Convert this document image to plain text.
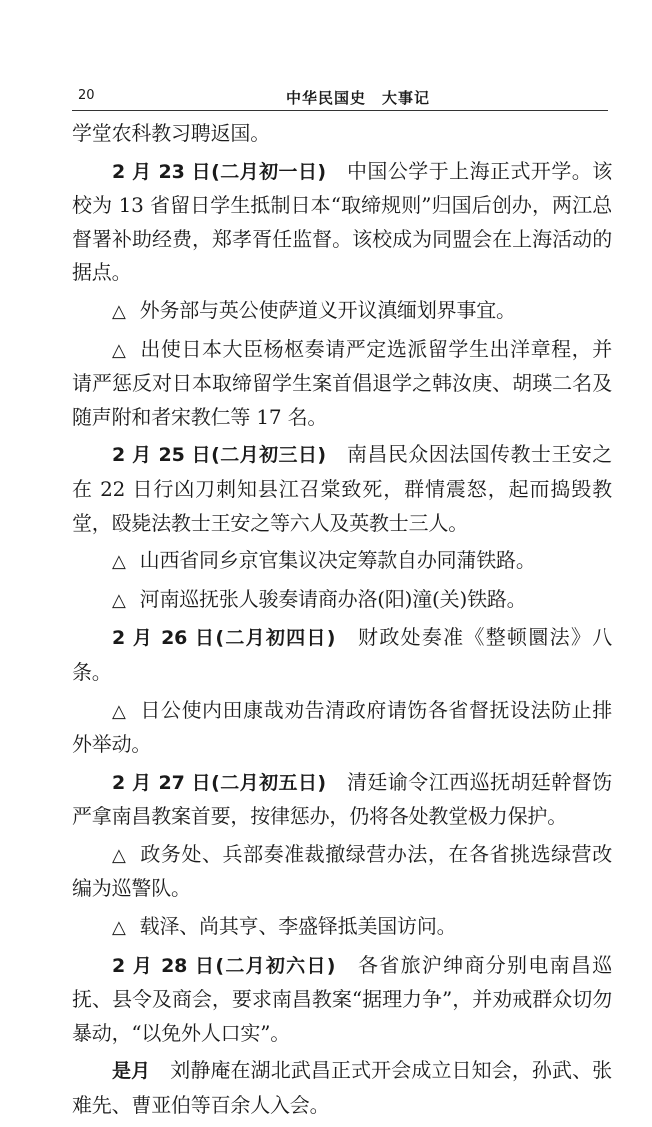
20	中华民国史　大事记

学堂农科教习聘返国。

2 月 23 日(二月初一日)　 中国公学于上海正式开学。该校为 13 省留日学生抵制日本“取缔规则”归国后创办，两江总督署补助经费，郑孝胥任监督。该校成为同盟会在上海活动的据点。

△ 外务部与英公使萨道义开议滇缅划界事宜。

△ 出使日本大臣杨枢奏请严定选派留学生出洋章程，并请严惩反对日本取缔留学生案首倡退学之韩汝庚、胡瑛二名及随声附和者宋教仁等 17 名。

2 月 25 日(二月初三日)　 南昌民众因法国传教士王安之在 22 日行凶刀刺知县江召棠致死，群情震怒，起而捣毁教堂，殴毙法教士王安之等六人及英教士三人。

△ 山西省同乡京官集议决定筹款自办同蒲铁路。

△ 河南巡抚张人骏奏请商办洛(阳)潼(关)铁路。

2 月 26 日(二月初四日)　 财政处奏准《整顿圜法》八条。

△ 日公使内田康哉劝告清政府请饬各省督抚设法防止排外举动。

2 月 27 日(二月初五日)　 清廷谕令江西巡抚胡廷幹督饬严拿南昌教案首要，按律惩办，仍将各处教堂极力保护。

△ 政务处、兵部奏准裁撤绿营办法，在各省挑选绿营改编为巡警队。

△ 载泽、尚其亨、李盛铎抵美国访问。

2 月 28 日(二月初六日)　 各省旅沪绅商分别电南昌巡抚、县令及商会，要求南昌教案“据理力争”，并劝戒群众切勿暴动，“以免外人口实”。

是月　 刘静庵在湖北武昌正式开会成立日知会，孙武、张难先、曹亚伯等百余人入会。
